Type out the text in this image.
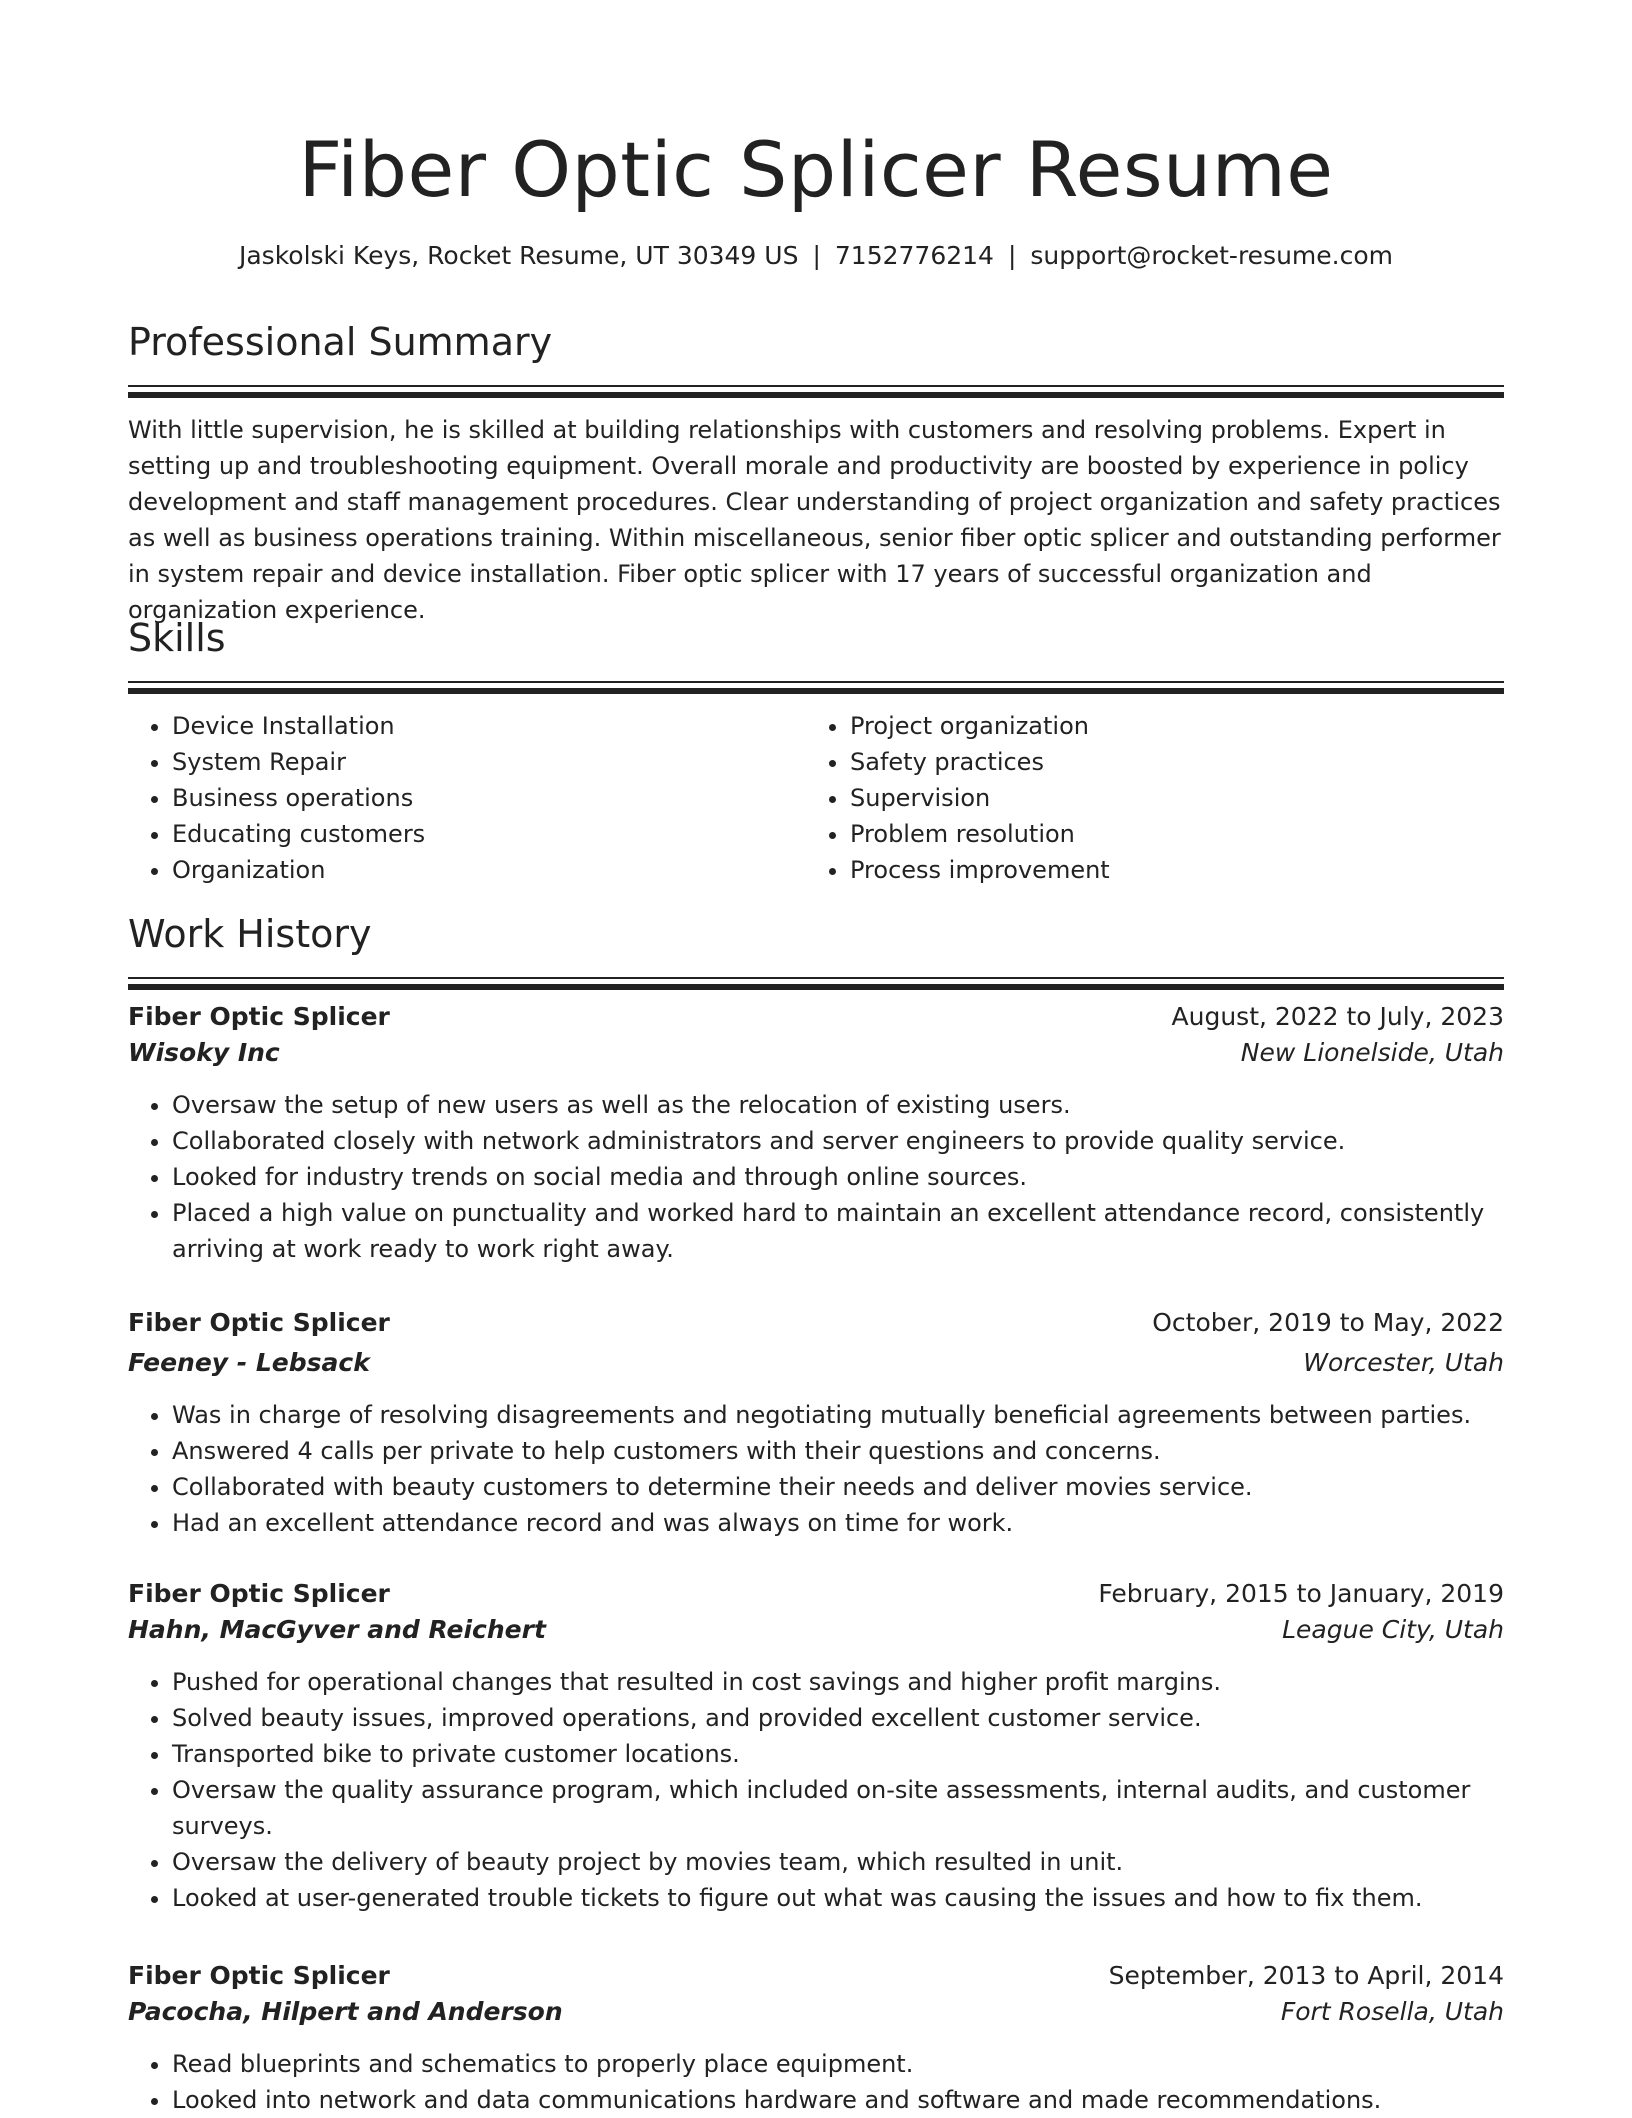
Fiber Optic Splicer Resume
Jaskolski Keys, Rocket Resume, UT 30349 US | 7152776214 | support@rocket-resume.com
Professional Summary

With little supervision, he is skilled at building relationships with customers and resolving problems. Expert in setting up and troubleshooting equipment. Overall morale and productivity are boosted by experience in policy development and staff management procedures. Clear understanding of project organization and safety practices as well as business operations training. Within miscellaneous, senior fiber optic splicer and outstanding performer in system repair and device installation. Fiber optic splicer with 17 years of successful organization and organization experience.

Skills
• Device Installation
• System Repair
• Business operations
• Educating customers
• Organization
• Project organization
• Safety practices
• Supervision
• Problem resolution
• Process improvement
Work History
Fiber Optic Splicer	August, 2022 to July, 2023
Wisoky Inc	New Lionelside, Utah
• Oversaw the setup of new users as well as the relocation of existing users.
• Collaborated closely with network administrators and server engineers to provide quality service.
• Looked for industry trends on social media and through online sources.
• Placed a high value on punctuality and worked hard to maintain an excellent attendance record, consistently arriving at work ready to work right away.
Fiber Optic Splicer	October, 2019 to May, 2022
Feeney - Lebsack	Worcester, Utah
• Was in charge of resolving disagreements and negotiating mutually beneficial agreements between parties.
• Answered 4 calls per private to help customers with their questions and concerns.
• Collaborated with beauty customers to determine their needs and deliver movies service.
• Had an excellent attendance record and was always on time for work.
Fiber Optic Splicer	February, 2015 to January, 2019
Hahn, MacGyver and Reichert	League City, Utah
• Pushed for operational changes that resulted in cost savings and higher profit margins.
• Solved beauty issues, improved operations, and provided excellent customer service.
• Transported bike to private customer locations.
• Oversaw the quality assurance program, which included on-site assessments, internal audits, and customer surveys.
• Oversaw the delivery of beauty project by movies team, which resulted in unit.
• Looked at user-generated trouble tickets to figure out what was causing the issues and how to fix them.
Fiber Optic Splicer	September, 2013 to April, 2014
Pacocha, Hilpert and Anderson	Fort Rosella, Utah
• Read blueprints and schematics to properly place equipment.
• Looked into network and data communications hardware and software and made recommendations.
